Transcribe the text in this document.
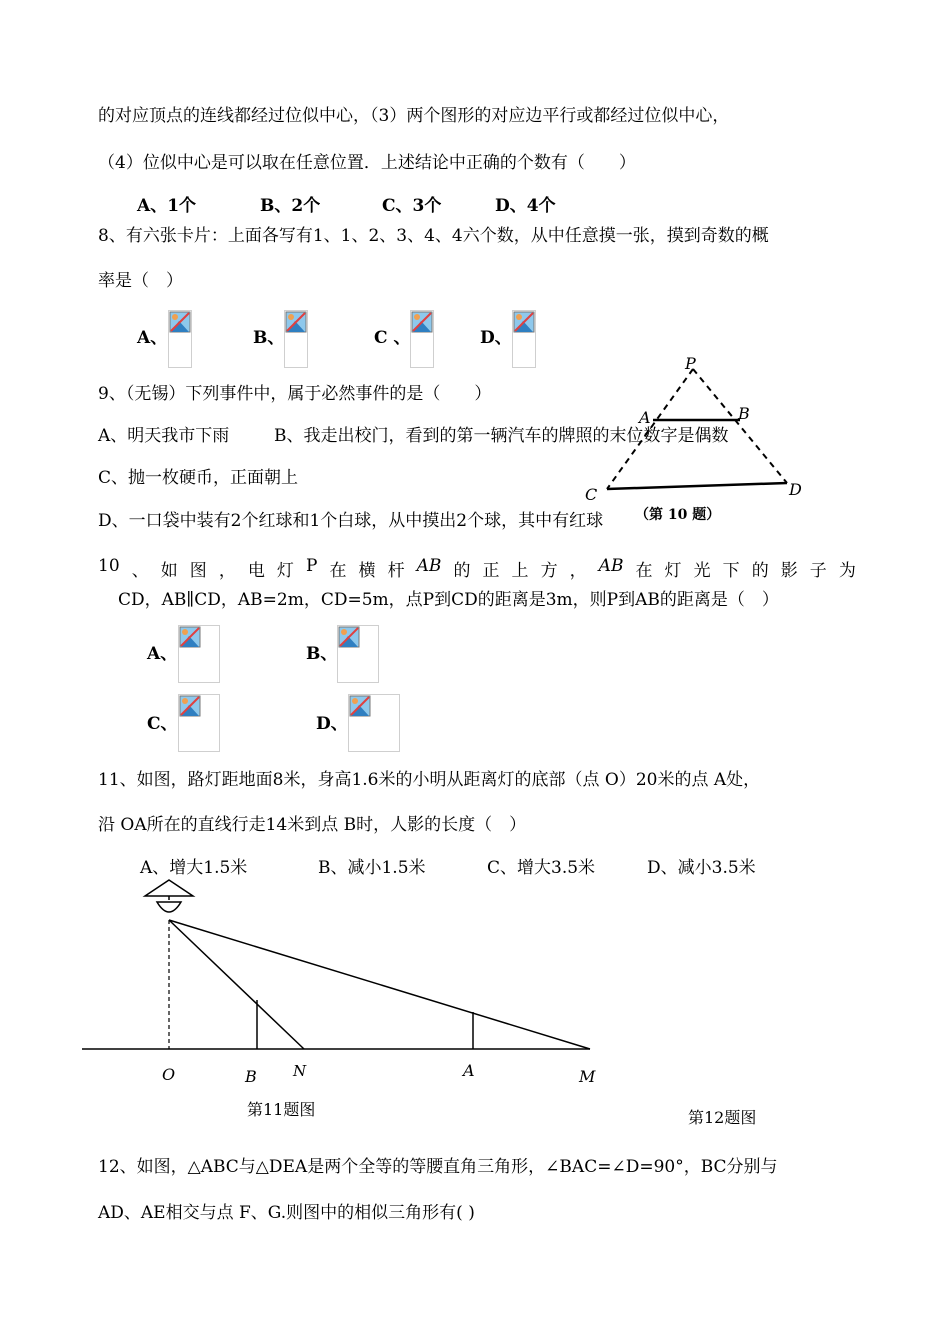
的对应顶点的连线都经过位似中心，（3）两个图形的对应边平行或都经过位似中心，
（4）位似中心是可以取在任意位置．上述结论中正确的个数有（　　）
A、1个	B、2个	C、3个	D、4个
8、有六张卡片：上面各写有1、1、2、3、4、4六个数，从中任意摸一张，摸到奇数的概
率是（　）
A、	B、	C 、	D、
9、（无锡）下列事件中，属于必然事件的是（　　）
A、明天我市下雨	B、我走出校门，看到的第一辆汽车的牌照的末位数字是偶数
C、抛一枚硬币，正面朝上
D、一口袋中装有2个红球和1个白球，从中摸出2个球，其中有红球
P
A	B
C	D
（第 10 题）
10 、 如 图 ， 电 灯 P 在 横 杆 AB 的 正 上 方 ， AB 在 灯 光 下 的 影 子 为
CD，AB∥CD，AB=2m，CD=5m，点P到CD的距离是3m，则P到AB的距离是（　）
A、	B、
C、	D、
11、如图，路灯距地面8米，身高1.6米的小明从距离灯的底部（点 O）20米的点 A处，
沿 OA所在的直线行走14米到点 B时，人影的长度（　）
A、增大1.5米	B、减小1.5米	C、增大3.5米	D、减小3.5米
O	B N	A	M
第11题图	第12题图
12、如图，△ABC与△DEA是两个全等的等腰直角三角形，∠BAC=∠D=90°，BC分别与
AD、AE相交与点 F、G.则图中的相似三角形有( )
